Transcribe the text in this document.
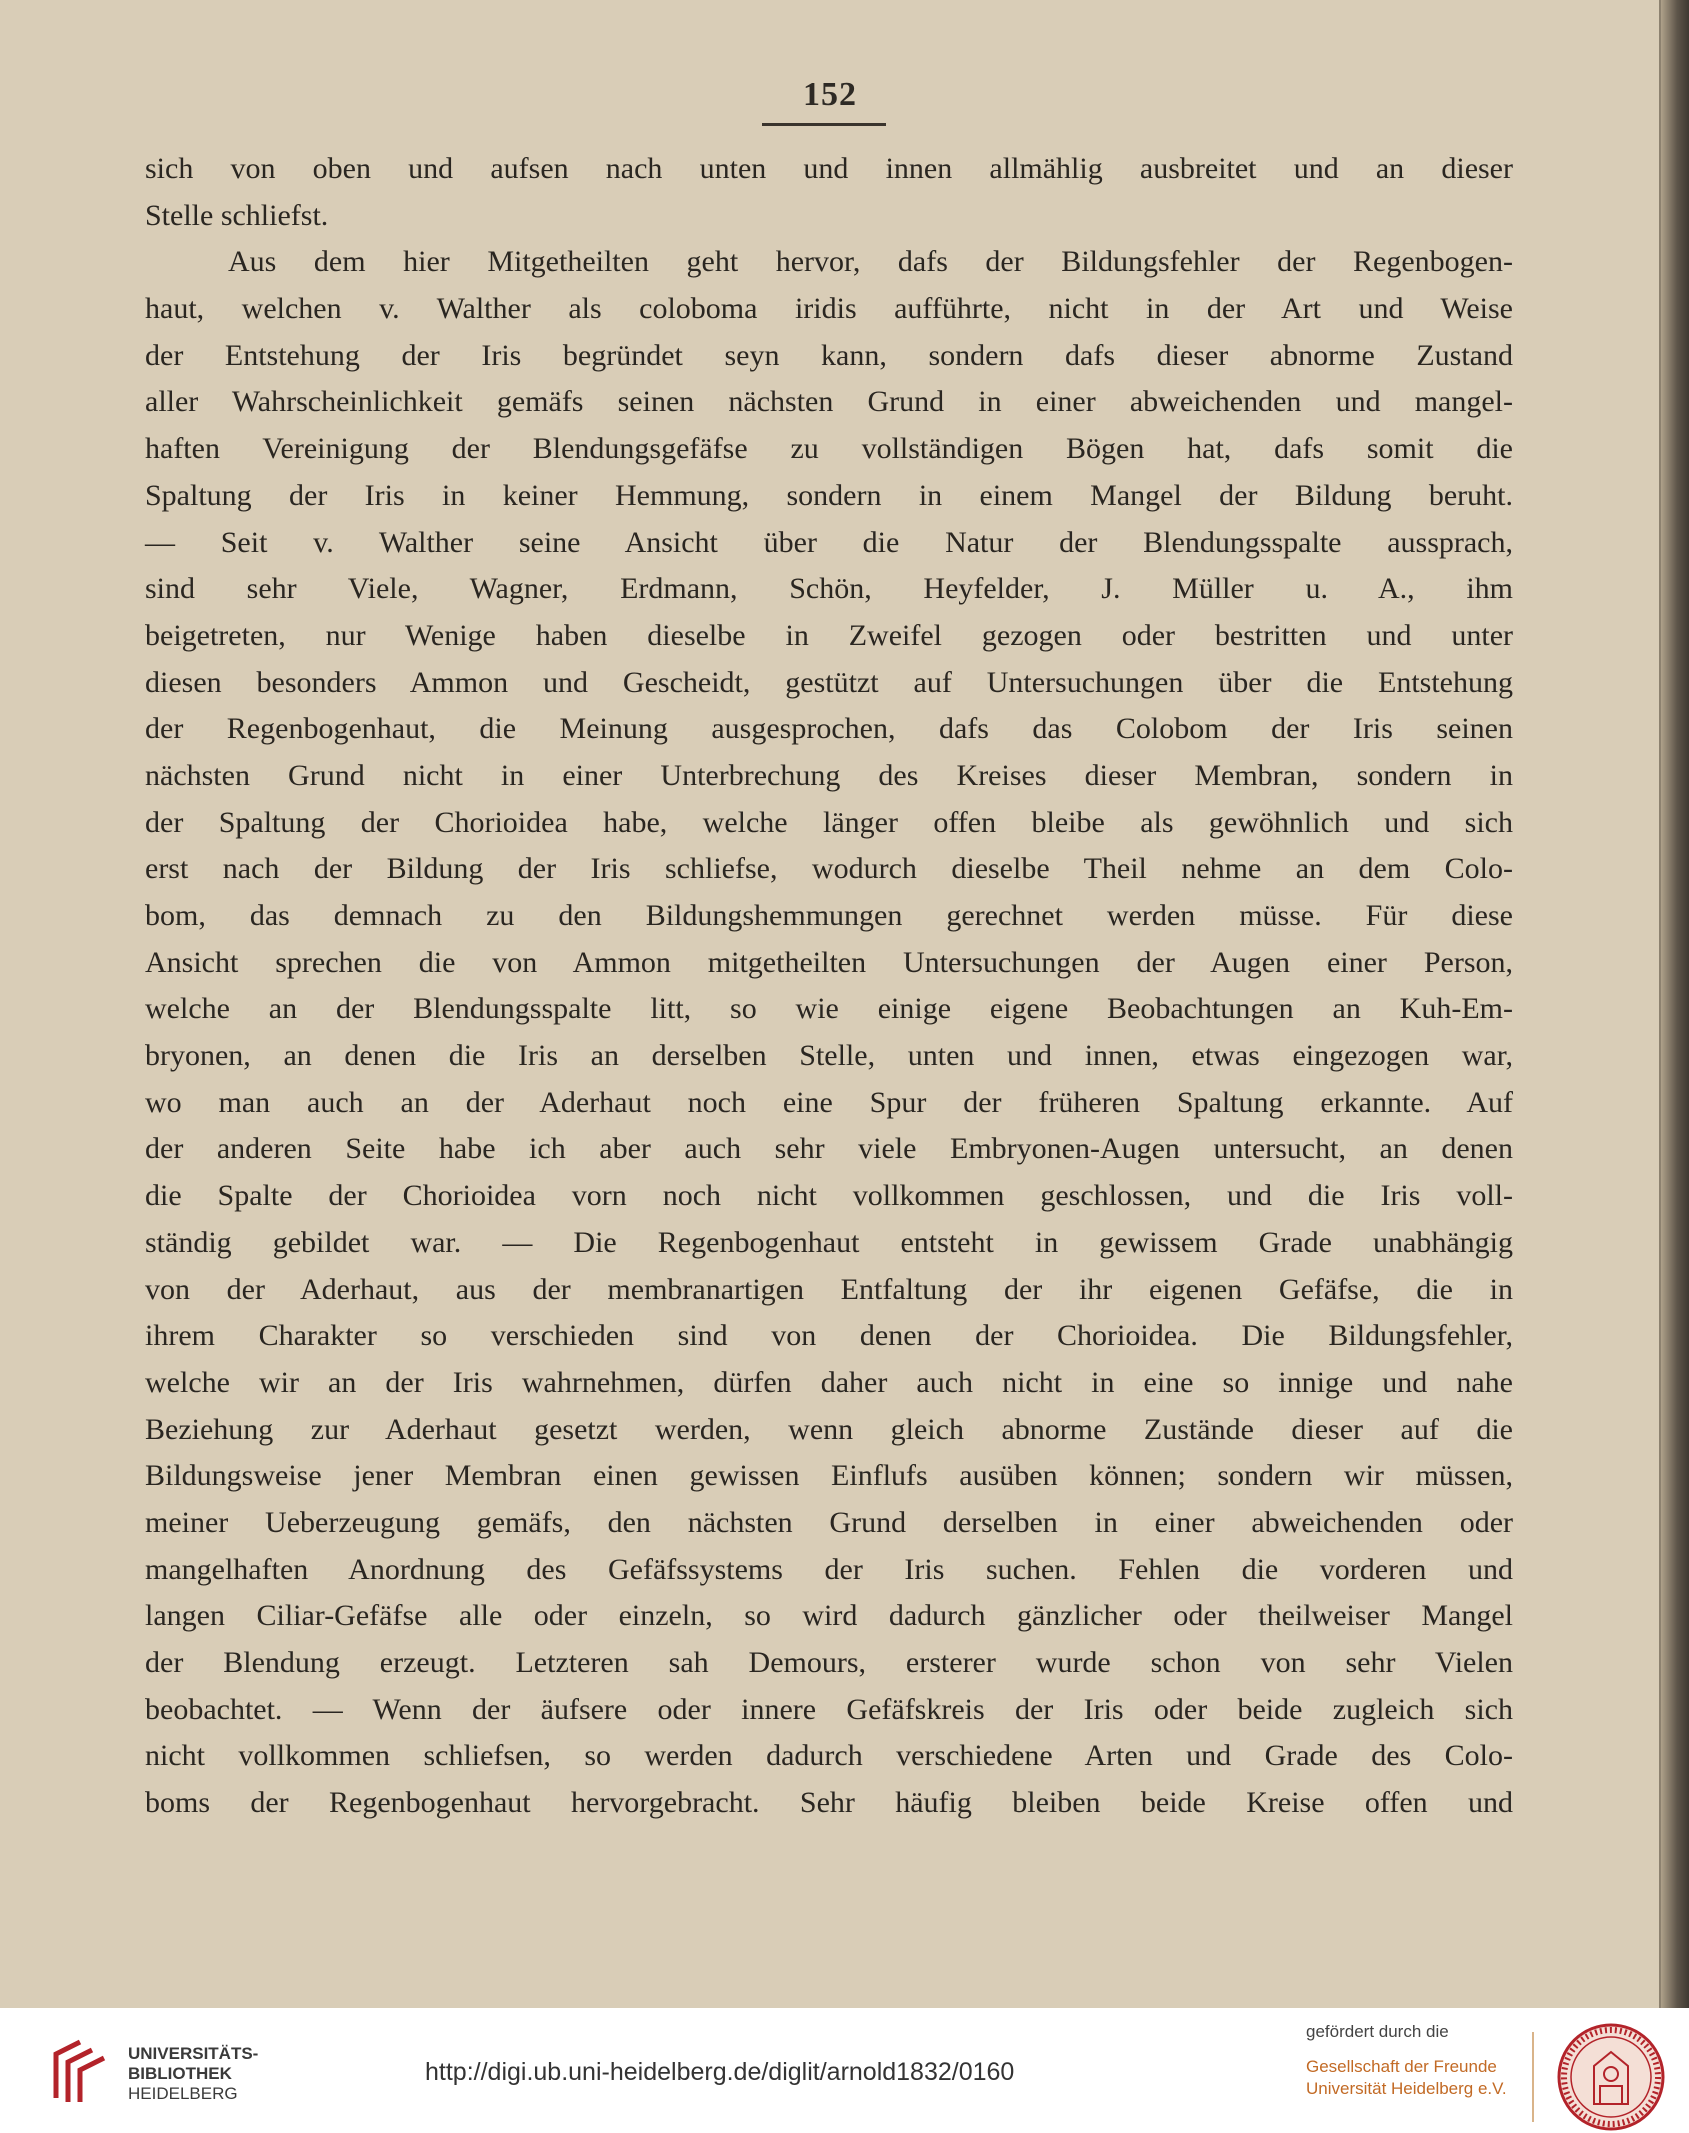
152
sich von oben und aufsen nach unten und innen allmählig ausbreitet und an dieser
Stelle schliefst.
Aus dem hier Mitgetheilten geht hervor, dafs der Bildungsfehler der Regenbogen-
haut, welchen v. Walther als coloboma iridis aufführte, nicht in der Art und Weise
der Entstehung der Iris begründet seyn kann, sondern dafs dieser abnorme Zustand
aller Wahrscheinlichkeit gemäfs seinen nächsten Grund in einer abweichenden und mangel-
haften Vereinigung der Blendungsgefäfse zu vollständigen Bögen hat, dafs somit die
Spaltung der Iris in keiner Hemmung, sondern in einem Mangel der Bildung beruht.
— Seit v. Walther seine Ansicht über die Natur der Blendungsspalte aussprach,
sind sehr Viele, Wagner, Erdmann, Schön, Heyfelder, J. Müller u. A., ihm
beigetreten, nur Wenige haben dieselbe in Zweifel gezogen oder bestritten und unter
diesen besonders Ammon und Gescheidt, gestützt auf Untersuchungen über die Entstehung
der Regenbogenhaut, die Meinung ausgesprochen, dafs das Colobom der Iris seinen
nächsten Grund nicht in einer Unterbrechung des Kreises dieser Membran, sondern in
der Spaltung der Chorioidea habe, welche länger offen bleibe als gewöhnlich und sich
erst nach der Bildung der Iris schliefse, wodurch dieselbe Theil nehme an dem Colo-
bom, das demnach zu den Bildungshemmungen gerechnet werden müsse. Für diese
Ansicht sprechen die von Ammon mitgetheilten Untersuchungen der Augen einer Person,
welche an der Blendungsspalte litt, so wie einige eigene Beobachtungen an Kuh-Em-
bryonen, an denen die Iris an derselben Stelle, unten und innen, etwas eingezogen war,
wo man auch an der Aderhaut noch eine Spur der früheren Spaltung erkannte. Auf
der anderen Seite habe ich aber auch sehr viele Embryonen-Augen untersucht, an denen
die Spalte der Chorioidea vorn noch nicht vollkommen geschlossen, und die Iris voll-
ständig gebildet war. — Die Regenbogenhaut entsteht in gewissem Grade unabhängig
von der Aderhaut, aus der membranartigen Entfaltung der ihr eigenen Gefäfse, die in
ihrem Charakter so verschieden sind von denen der Chorioidea. Die Bildungsfehler,
welche wir an der Iris wahrnehmen, dürfen daher auch nicht in eine so innige und nahe
Beziehung zur Aderhaut gesetzt werden, wenn gleich abnorme Zustände dieser auf die
Bildungsweise jener Membran einen gewissen Einflufs ausüben können; sondern wir müssen,
meiner Ueberzeugung gemäfs, den nächsten Grund derselben in einer abweichenden oder
mangelhaften Anordnung des Gefäfssystems der Iris suchen. Fehlen die vorderen und
langen Ciliar-Gefäfse alle oder einzeln, so wird dadurch gänzlicher oder theilweiser Mangel
der Blendung erzeugt. Letzteren sah Demours, ersterer wurde schon von sehr Vielen
beobachtet. — Wenn der äufsere oder innere Gefäfskreis der Iris oder beide zugleich sich
nicht vollkommen schliefsen, so werden dadurch verschiedene Arten und Grade des Colo-
boms der Regenbogenhaut hervorgebracht. Sehr häufig bleiben beide Kreise offen und
UNIVERSITÄTS-
BIBLIOTHEK
HEIDELBERG
http://digi.ub.uni-heidelberg.de/diglit/arnold1832/0160
gefördert durch die
Gesellschaft der Freunde
Universität Heidelberg e.V.
